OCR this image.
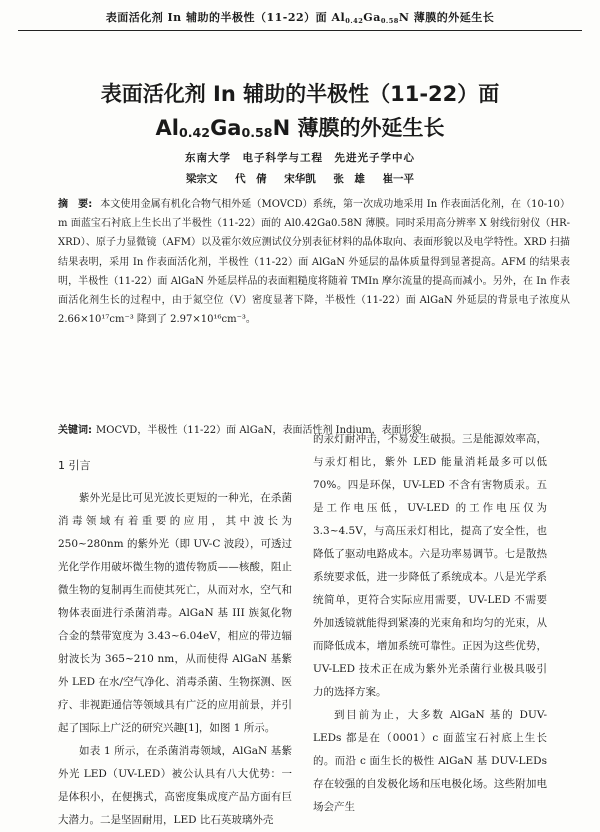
表面活化剂 In 辅助的半极性（11-22）面 $Al_{0.42}Ga_{0.58}N$ 薄膜的外延生长
表面活化剂 In 辅助的半极性（11-22）面
$Al_{0.42}Ga_{0.58}N$ 薄膜的外延生长
东南大学　电子科学与工程　先进光子学中心
梁宗文 代　倩 宋华凯 张　雄 崔一平
摘　要: 本文使用金属有机化合物气相外延（MOVCD）系统，第一次成功地采用 In 作表面活化剂，在（10-10）m 面蓝宝石衬底上生长出了半极性（11-22）面的 Al0.42Ga0.58N 薄膜。同时采用高分辨率 X 射线衍射仪（HR-XRD）、原子力显微镜（AFM）以及霍尔效应测试仪分别表征材料的晶体取向、表面形貌以及电学特性。XRD 扫描结果表明，采用 In 作表面活化剂，半极性（11-22）面 AlGaN 外延层的晶体质量得到显著提高。AFM 的结果表明，半极性（11-22）面 AlGaN 外延层样品的表面粗糙度将随着 TMIn 摩尔流量的提高而减小。另外，在 In 作表面活化剂生长的过程中，由于氮空位（V）密度显著下降，半极性（11-22）面 AlGaN 外延层的背景电子浓度从 2.66×10¹⁷cm⁻³ 降到了 2.97×10¹⁶cm⁻³。
关键词: MOCVD，半极性（11-22）面 AlGaN，表面活性剂 Indium，表面形貌

1 引言

紫外光是比可见光波长更短的一种光，在杀菌消毒领域有着重要的应用，其中波长为 250~280nm 的紫外光（即 UV-C 波段），可透过光化学作用破坏微生物的遗传物质——核酸，阻止微生物的复制再生而使其死亡，从而对水，空气和物体表面进行杀菌消毒。AlGaN 基 III 族氮化物合金的禁带宽度为 3.43~6.04eV，相应的带边辐射波长为 365~210 nm，从而使得 AlGaN 基紫外 LED 在水/空气净化、消毒杀菌、生物探测、医疗、非视距通信等领域具有广泛的应用前景，并引起了国际上广泛的研究兴趣[1]，如图 1 所示。

如表 1 所示，在杀菌消毒领域，AlGaN 基紫外光 LED（UV-LED）被公认具有八大优势：一是体积小，在便携式，高密度集成度产品方面有巨大潜力。二是坚固耐用，LED 比石英玻璃外壳

的汞灯耐冲击，不易发生破损。三是能源效率高，与汞灯相比，紫外 LED 能量消耗最多可以低 70%。四是环保，UV-LED 不含有害物质汞。五是工作电压低，UV-LED 的工作电压仅为 3.3~4.5V，与高压汞灯相比，提高了安全性，也降低了驱动电路成本。六是功率易调节。七是散热系统要求低，进一步降低了系统成本。八是光学系统简单，更符合实际应用需要，UV-LED 不需要外加透镜就能得到紧凑的光束角和均匀的光束，从而降低成本，增加系统可靠性。正因为这些优势，UV-LED 技术正在成为紫外光杀菌行业极具吸引力的选择方案。

到目前为止，大多数 AlGaN 基的 DUV-LEDs 都是在（0001）c 面蓝宝石衬底上生长的。而沿 c 面生长的极性 AlGaN 基 DUV-LEDs 存在较强的自发极化场和压电极化场。这些附加电场会产生
